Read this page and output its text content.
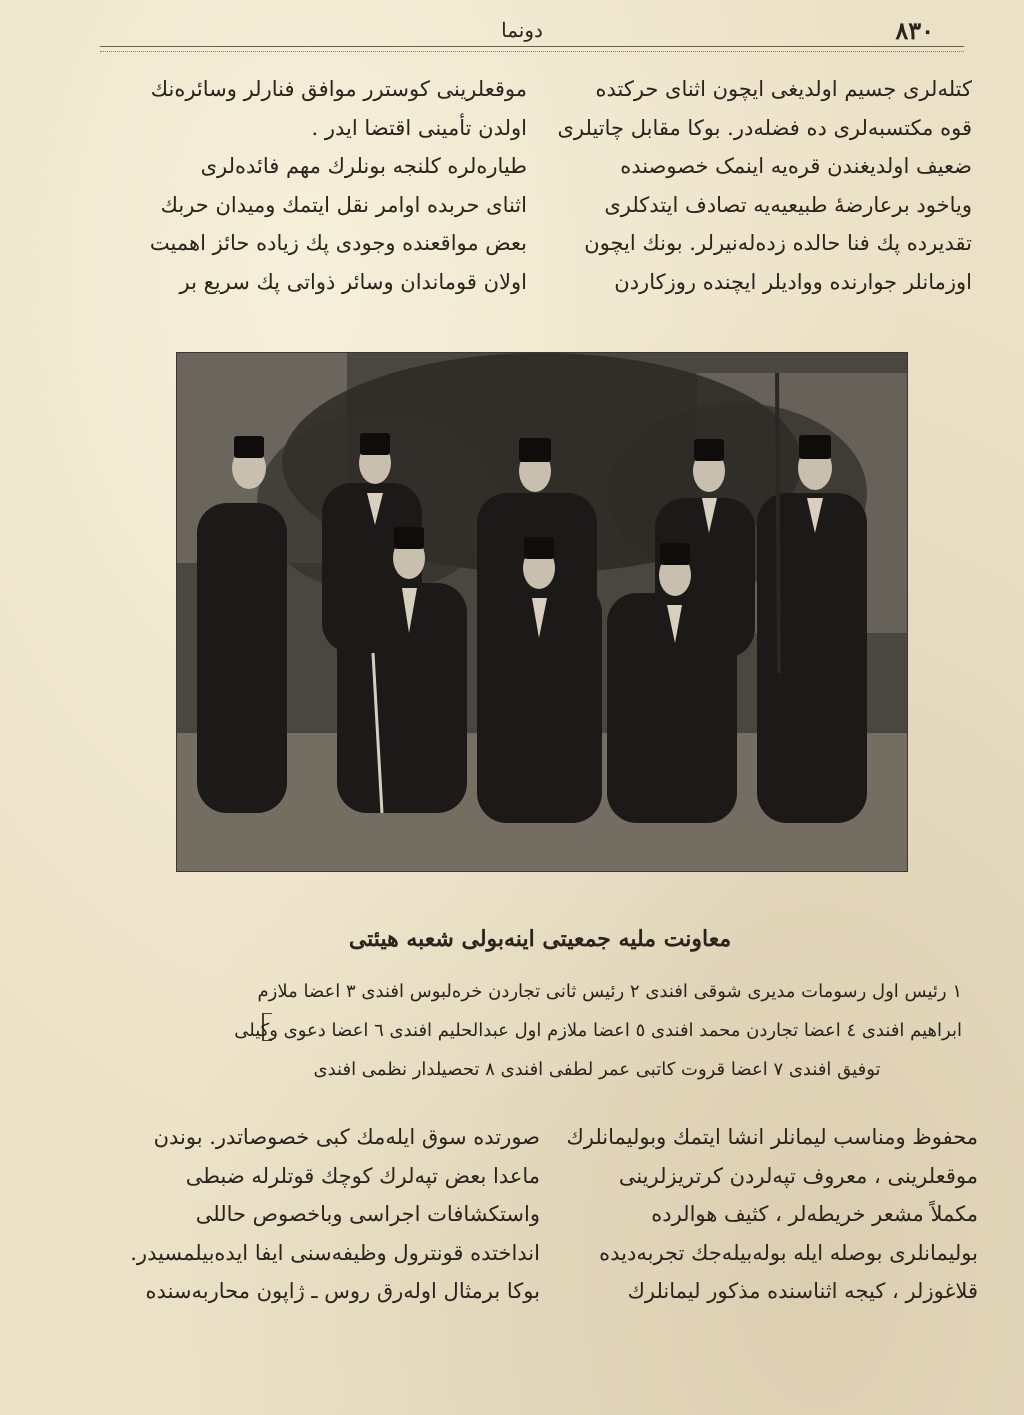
٨٣٠
دونما

کتله‌لری جسیم اولدیغی ایچون اثنای حرکتده

قوه مکتسبه‌لری ده فضله‌در. بوکا مقابل چاتیلری

ضعیف اولدیغندن قره‌یه اینمک خصوصنده

وياخود برعارضهٔ طبیعیه‌یه تصادف ایتدکلری

تقدیرده پك فنا حالده زده‌له‌نیرلر. بونك ایچون

اوزمانلر جوارنده ووادیلر ایچنده روزکاردن

موقعلرینی کوسترر موافق فنارلر وسائره‌نك

اولدن تأمینی اقتضا ایدر .

طیاره‌لره کلنجه بونلرك مهم فائده‌لری

اثنای حربده اوامر نقل ایتمك ومیدان حربك

بعض مواقعنده وجودی پك زیاده حائز اهمیت

اولان قوماندان وسائر ذواتی پك سریع بر

معاونت ملیه جمعیتی اینه‌بولی شعبه هیئتی

۱ رئیس اول رسومات مدیری شوقی افندی ۲ رئیس ثانی تجاردن خره‌لبوس افندی ۳ اعضا ملازم

ابراهیم افندی ٤ اعضا تجاردن محمد افندی ٥ اعضا ملازم اول عبدالحلیم افندی ٦ اعضا دعوی وکیلی

توفیق افندی ۷ اعضا قروت کاتبی عمر لطفی افندی ۸ تحصیلدار نظمی افندی

محفوظ ومناسب لیمانلر انشا ایتمك وبولیمانلرك

موقعلرینی ، معروف تپه‌لردن کرتریزلرینی

مکملاً مشعر خریطه‌لر ، کثیف هوالرده

بولیمانلری بوصله ایله بوله‌بیله‌جك تجربه‌دیده

قلاغوزلر ، کیجه اثناسنده مذکور لیمانلرك

صورتده سوق ایله‌مك کبی خصوصاتدر. بوندن

ماعدا بعض تپه‌لرك کوچك قوتلرله ضبطی

واستکشافات اجراسی وباخصوص حاللی

انداختده قونترول وظیفه‌سنی ایفا ایده‌بیلمسیدر.

بوکا برمثال اوله‌رق روس ـ ژاپون محاربه‌سنده
